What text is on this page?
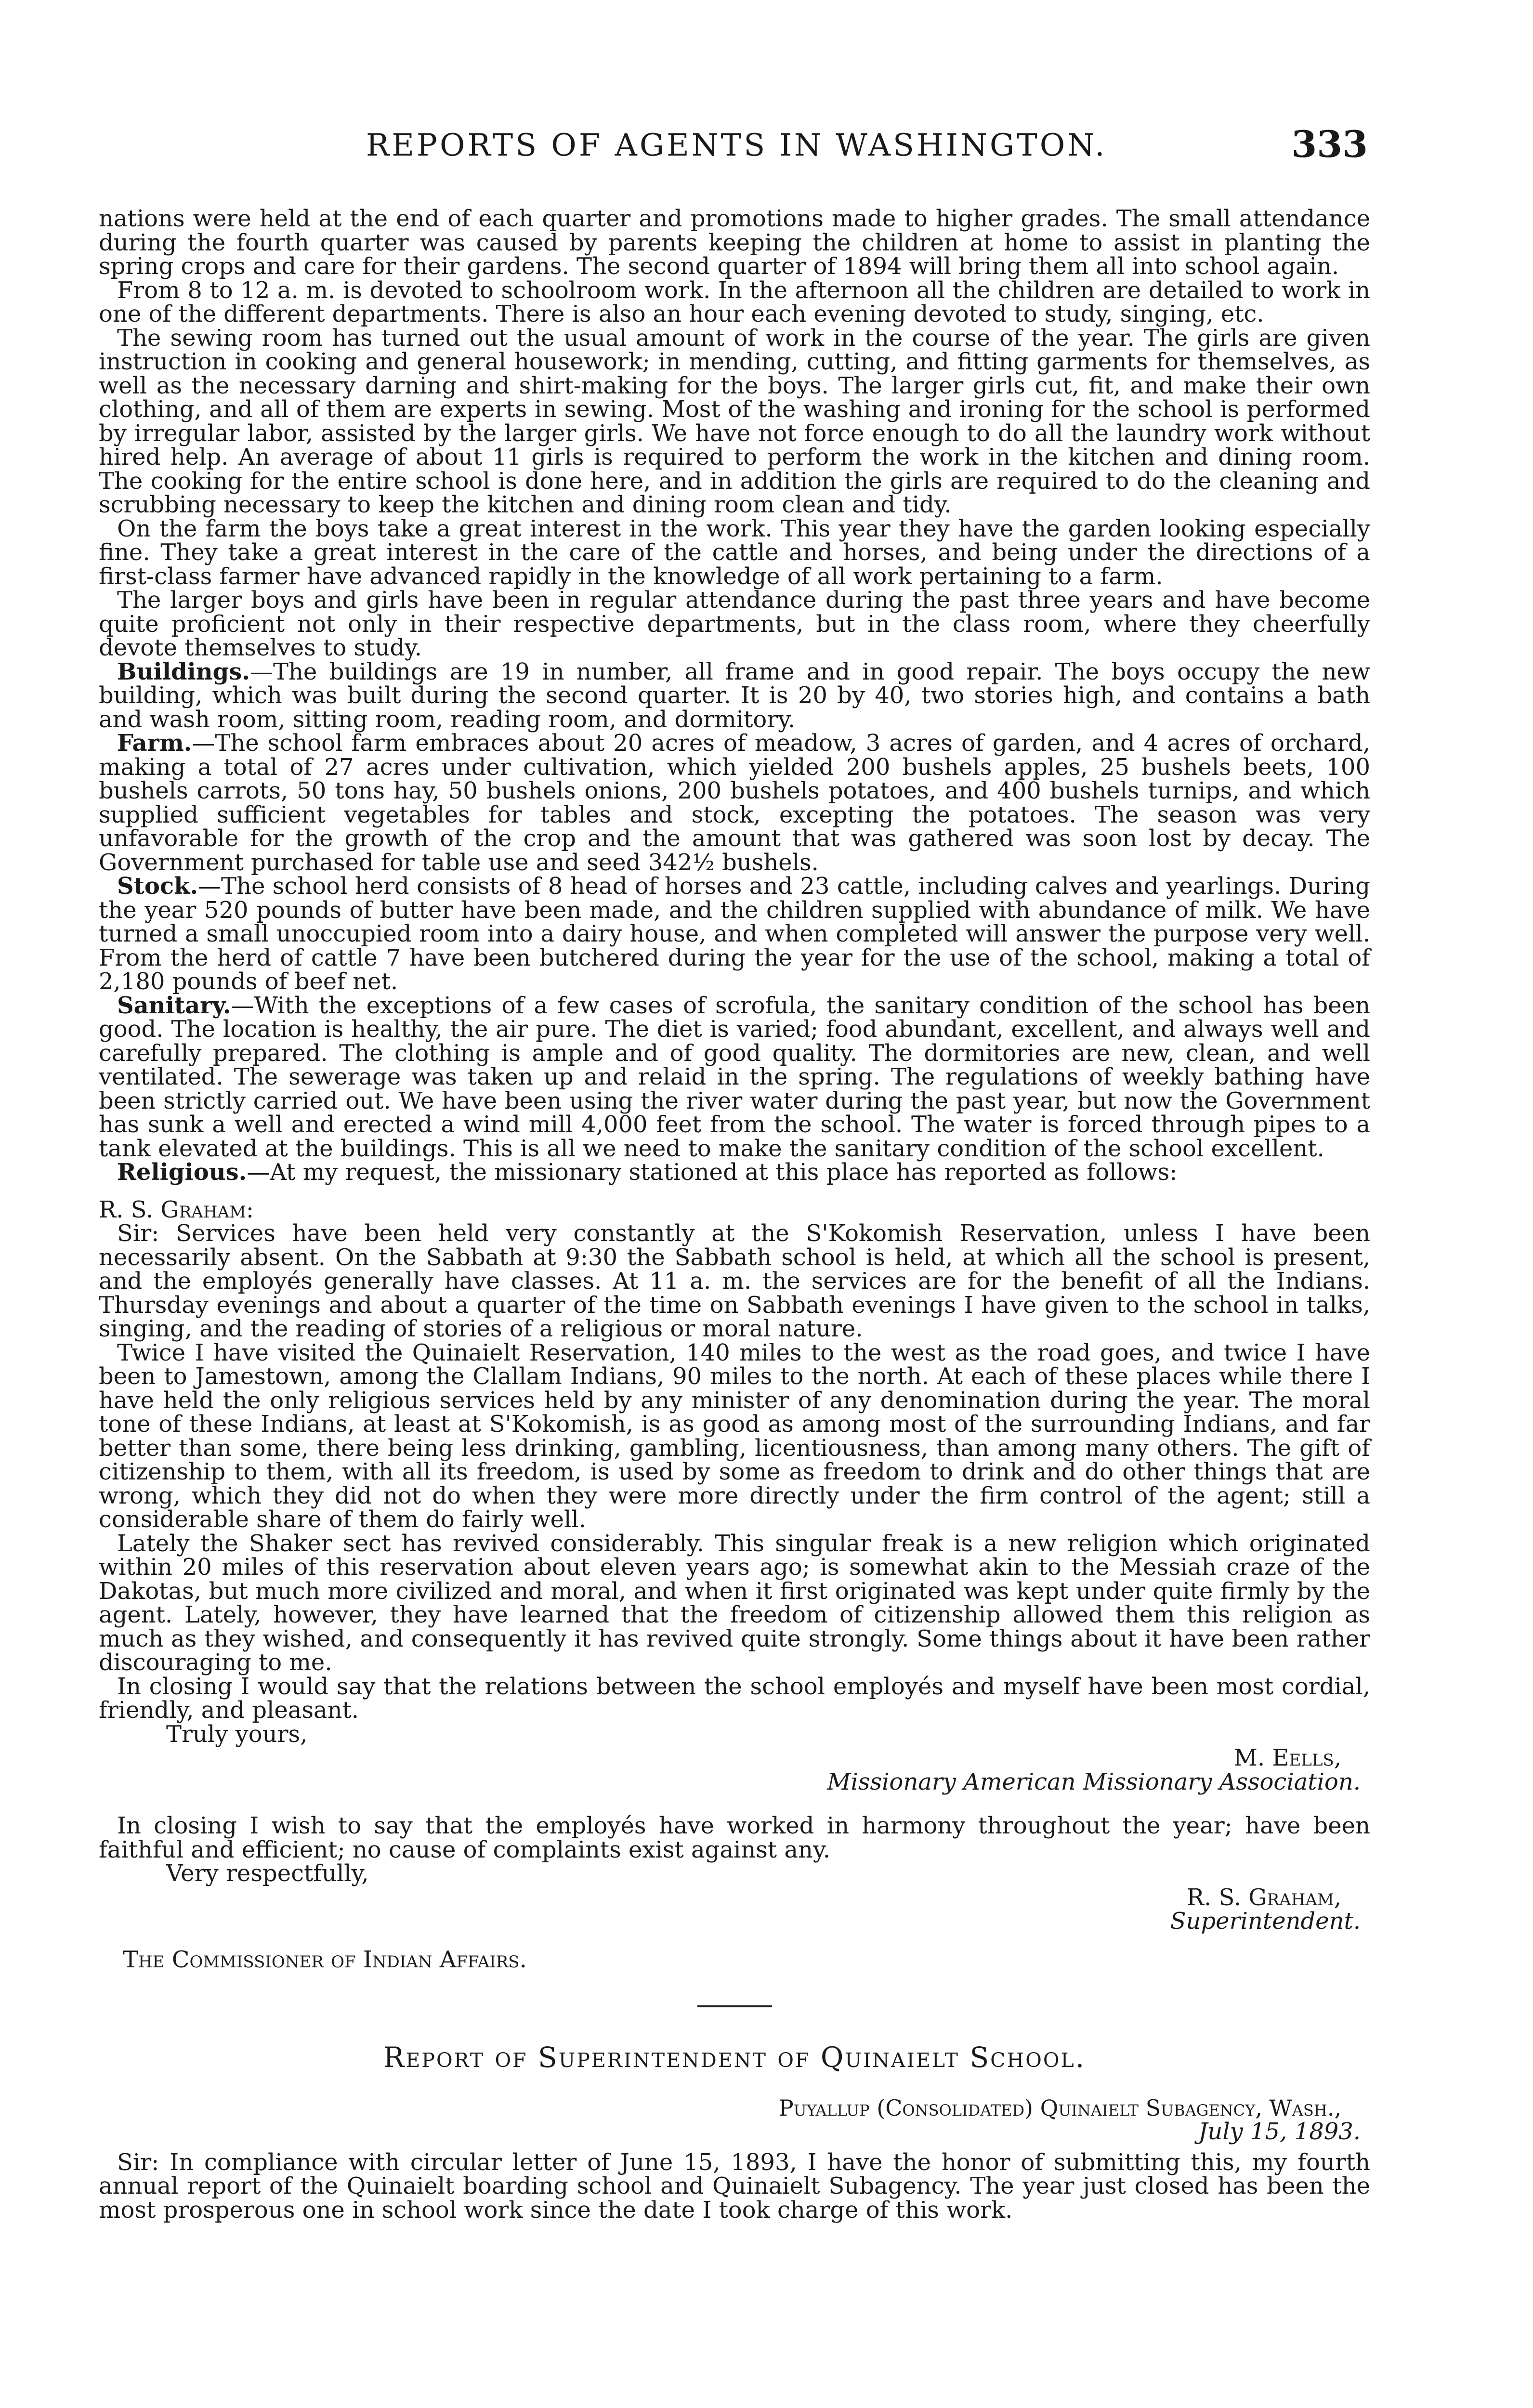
REPORTS OF AGENTS IN WASHINGTON.	333

nations were held at the end of each quarter and promotions made to higher grades. The small attendance during the fourth quarter was caused by parents keeping the children at home to assist in planting the spring crops and care for their gardens. The second quarter of 1894 will bring them all into school again.

From 8 to 12 a. m. is devoted to schoolroom work. In the afternoon all the children are detailed to work in one of the different departments. There is also an hour each evening devoted to study, singing, etc.

The sewing room has turned out the usual amount of work in the course of the year. The girls are given instruction in cooking and general housework; in mending, cutting, and fitting garments for themselves, as well as the necessary darning and shirt-making for the boys. The larger girls cut, fit, and make their own clothing, and all of them are experts in sewing. Most of the washing and ironing for the school is performed by irregular labor, assisted by the larger girls. We have not force enough to do all the laundry work without hired help. An average of about 11 girls is required to perform the work in the kitchen and dining room. The cooking for the entire school is done here, and in addition the girls are required to do the cleaning and scrubbing necessary to keep the kitchen and dining room clean and tidy.

On the farm the boys take a great interest in the work. This year they have the garden looking especially fine. They take a great interest in the care of the cattle and horses, and being under the directions of a first-class farmer have advanced rapidly in the knowledge of all work pertaining to a farm.

The larger boys and girls have been in regular attendance during the past three years and have become quite proficient not only in their respective departments, but in the class room, where they cheerfully devote themselves to study.

Buildings.—The buildings are 19 in number, all frame and in good repair. The boys occupy the new building, which was built during the second quarter. It is 20 by 40, two stories high, and contains a bath and wash room, sitting room, reading room, and dormitory.

Farm.—The school farm embraces about 20 acres of meadow, 3 acres of garden, and 4 acres of orchard, making a total of 27 acres under cultivation, which yielded 200 bushels apples, 25 bushels beets, 100 bushels carrots, 50 tons hay, 50 bushels onions, 200 bushels potatoes, and 400 bushels turnips, and which supplied sufficient vegetables for tables and stock, excepting the potatoes. The season was very unfavorable for the growth of the crop and the amount that was gathered was soon lost by decay. The Government purchased for table use and seed 342½ bushels.

Stock.—The school herd consists of 8 head of horses and 23 cattle, including calves and yearlings. During the year 520 pounds of butter have been made, and the children supplied with abundance of milk. We have turned a small unoccupied room into a dairy house, and when completed will answer the purpose very well. From the herd of cattle 7 have been butchered during the year for the use of the school, making a total of 2,180 pounds of beef net.

Sanitary.—With the exceptions of a few cases of scrofula, the sanitary condition of the school has been good. The location is healthy, the air pure. The diet is varied; food abundant, excellent, and always well and carefully prepared. The clothing is ample and of good quality. The dormitories are new, clean, and well ventilated. The sewerage was taken up and relaid in the spring. The regulations of weekly bathing have been strictly carried out. We have been using the river water during the past year, but now the Government has sunk a well and erected a wind mill 4,000 feet from the school. The water is forced through pipes to a tank elevated at the buildings. This is all we need to make the sanitary condition of the school excellent.

Religious.—At my request, the missionary stationed at this place has reported as follows:

R. S. Graham:

Sir: Services have been held very constantly at the S'Kokomish Reservation, unless I have been necessarily absent. On the Sabbath at 9:30 the Sabbath school is held, at which all the school is present, and the employés generally have classes. At 11 a. m. the services are for the benefit of all the Indians. Thursday evenings and about a quarter of the time on Sabbath evenings I have given to the school in talks, singing, and the reading of stories of a religious or moral nature.

Twice I have visited the Quinaielt Reservation, 140 miles to the west as the road goes, and twice I have been to Jamestown, among the Clallam Indians, 90 miles to the north. At each of these places while there I have held the only religious services held by any minister of any denomination during the year. The moral tone of these Indians, at least at S'Kokomish, is as good as among most of the surrounding Indians, and far better than some, there being less drinking, gambling, licentiousness, than among many others. The gift of citizenship to them, with all its freedom, is used by some as freedom to drink and do other things that are wrong, which they did not do when they were more directly under the firm control of the agent; still a considerable share of them do fairly well.

Lately the Shaker sect has revived considerably. This singular freak is a new religion which originated within 20 miles of this reservation about eleven years ago; is somewhat akin to the Messiah craze of the Dakotas, but much more civilized and moral, and when it first originated was kept under quite firmly by the agent. Lately, however, they have learned that the freedom of citizenship allowed them this religion as much as they wished, and consequently it has revived quite strongly. Some things about it have been rather discouraging to me.

In closing I would say that the relations between the school employés and myself have been most cordial, friendly, and pleasant.

Truly yours,

M. Eells,

Missionary American Missionary Association.

In closing I wish to say that the employés have worked in harmony throughout the year; have been faithful and efficient; no cause of complaints exist against any.

Very respectfully,

R. S. Graham,

Superintendent.

The Commissioner of Indian Affairs.

Report of Superintendent of Quinaielt School.

Puyallup (Consolidated) Quinaielt Subagency, Wash.,

July 15, 1893.

Sir: In compliance with circular letter of June 15, 1893, I have the honor of submitting this, my fourth annual report of the Quinaielt boarding school and Quinaielt Subagency. The year just closed has been the most prosperous one in school work since the date I took charge of this work.
